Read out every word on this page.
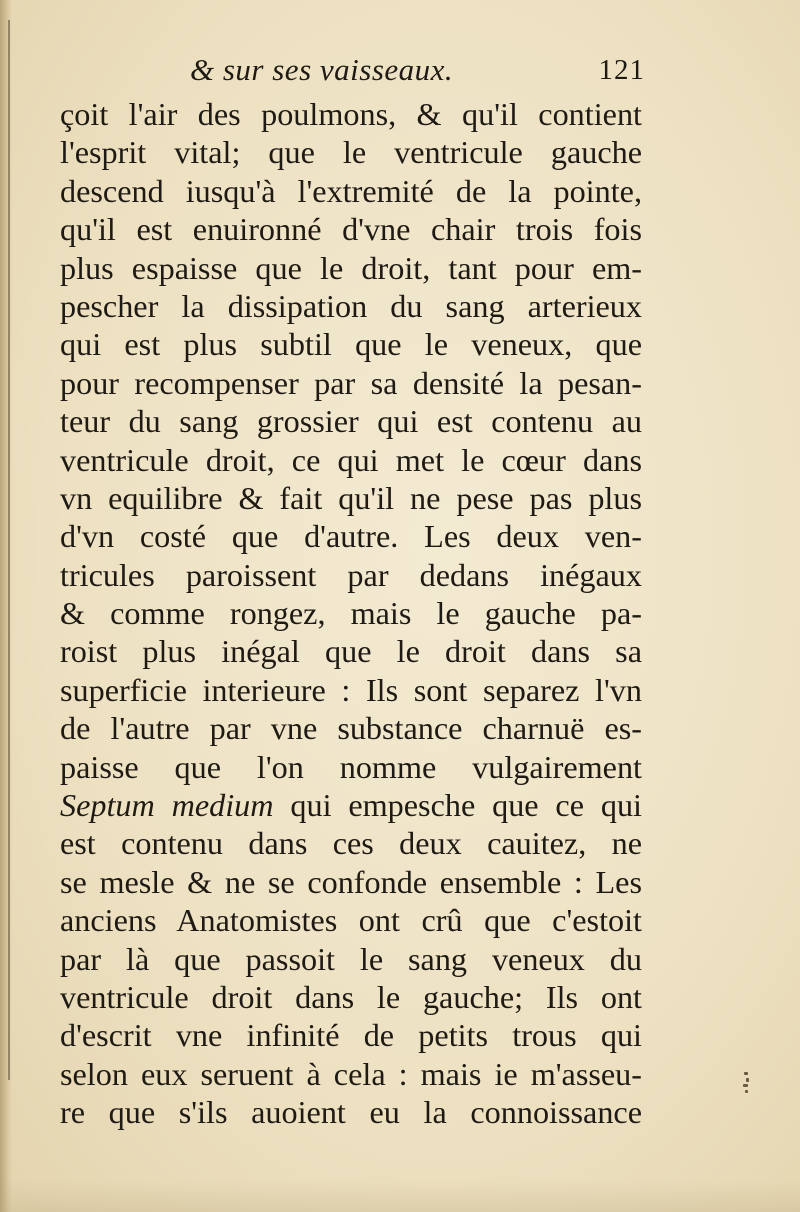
& sur ses vaisseaux.	121
çoit l'air des poulmons, & qu'il contient
l'esprit vital; que le ventricule gauche
descend iusqu'à l'extremité de la pointe,
qu'il est enuironné d'vne chair trois fois
plus espaisse que le droit, tant pour em-
pescher la dissipation du sang arterieux
qui est plus subtil que le veneux, que
pour recompenser par sa densité la pesan-
teur du sang grossier qui est contenu au
ventricule droit, ce qui met le cœur dans
vn equilibre & fait qu'il ne pese pas plus
d'vn costé que d'autre. Les deux ven-
tricules paroissent par dedans inégaux
& comme rongez, mais le gauche pa-
roist plus inégal que le droit dans sa
superficie interieure : Ils sont separez l'vn
de l'autre par vne substance charnuë es-
paisse que l'on nomme vulgairement
Septum medium qui empesche que ce qui
est contenu dans ces deux cauitez, ne
se mesle & ne se confonde ensemble : Les
anciens Anatomistes ont crû que c'estoit
par là que passoit le sang veneux du
ventricule droit dans le gauche; Ils ont
d'escrit vne infinité de petits trous qui
selon eux seruent à cela : mais ie m'asseu-
re que s'ils auoient eu la connoissance
